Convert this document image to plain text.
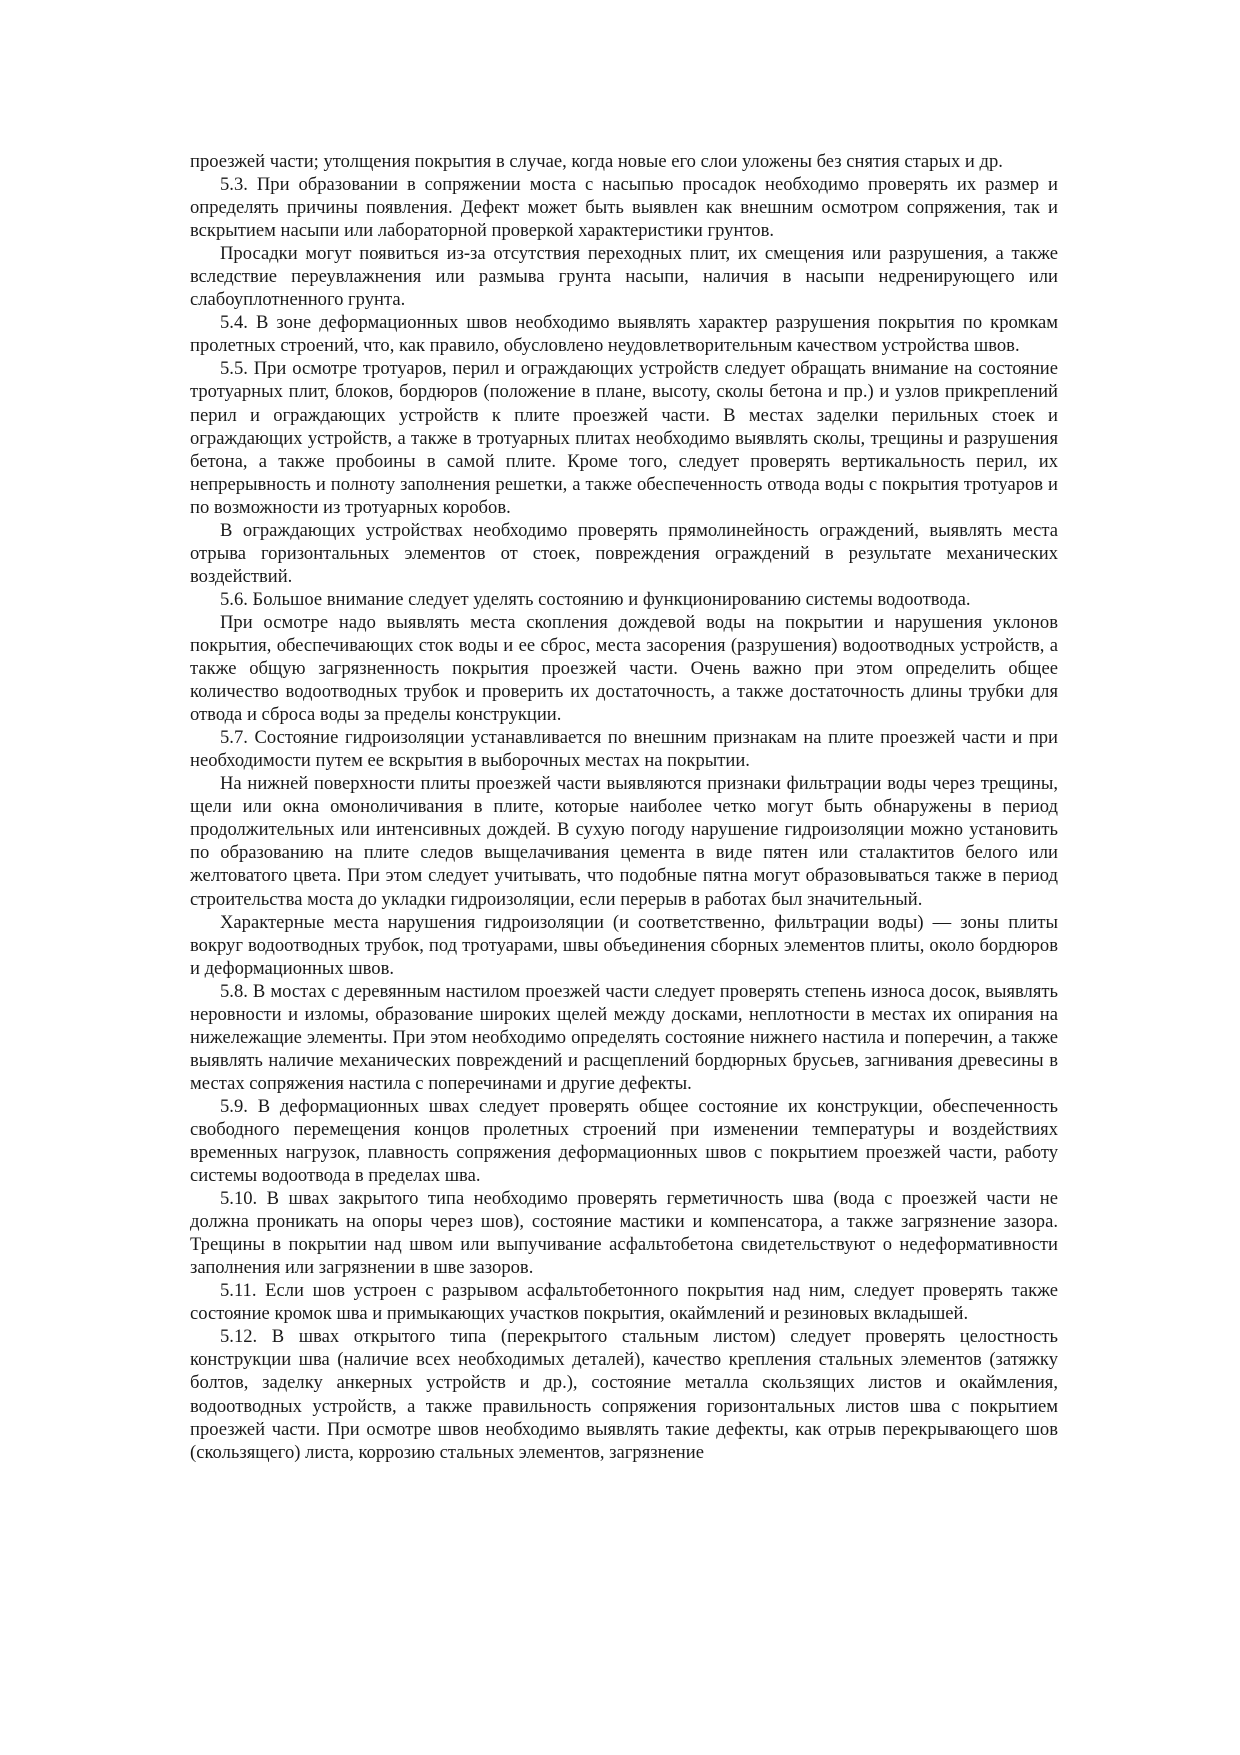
проезжей части; утолщения покрытия в случае, когда новые его слои уложены без снятия старых и др.

5.3. При образовании в сопряжении моста с насыпью просадок необходимо проверять их размер и определять причины появления. Дефект может быть выявлен как внешним осмотром сопряжения, так и вскрытием насыпи или лабораторной проверкой характеристики грунтов.

Просадки могут появиться из-за отсутствия переходных плит, их смещения или разрушения, а также вследствие переувлажнения или размыва грунта насыпи, наличия в насыпи недренирующего или слабоуплотненного грунта.

5.4. В зоне деформационных швов необходимо выявлять характер разрушения покрытия по кромкам пролетных строений, что, как правило, обусловлено неудовлетворительным качеством устройства швов.

5.5. При осмотре тротуаров, перил и ограждающих устройств следует обращать внимание на состояние тротуарных плит, блоков, бордюров (положение в плане, высоту, сколы бетона и пр.) и узлов прикреплений перил и ограждающих устройств к плите проезжей части. В местах заделки перильных стоек и ограждающих устройств, а также в тротуарных плитах необходимо выявлять сколы, трещины и разрушения бетона, а также пробоины в самой плите. Кроме того, следует проверять вертикальность перил, их непрерывность и полноту заполнения решетки, а также обеспеченность отвода воды с покрытия тротуаров и по возможности из тротуарных коробов.

В ограждающих устройствах необходимо проверять прямолинейность ограждений, выявлять места отрыва горизонтальных элементов от стоек, повреждения ограждений в результате механических воздействий.

5.6. Большое внимание следует уделять состоянию и функционированию системы водоотвода.

При осмотре надо выявлять места скопления дождевой воды на покрытии и нарушения уклонов покрытия, обеспечивающих сток воды и ее сброс, места засорения (разрушения) водоотводных устройств, а также общую загрязненность покрытия проезжей части. Очень важно при этом определить общее количество водоотводных трубок и проверить их достаточность, а также достаточность длины трубки для отвода и сброса воды за пределы конструкции.

5.7. Состояние гидроизоляции устанавливается по внешним признакам на плите проезжей части и при необходимости путем ее вскрытия в выборочных местах на покрытии.

На нижней поверхности плиты проезжей части выявляются признаки фильтрации воды через трещины, щели или окна омоноличивания в плите, которые наиболее четко могут быть обнаружены в период продолжительных или интенсивных дождей. В сухую погоду нарушение гидроизоляции можно установить по образованию на плите следов выщелачивания цемента в виде пятен или сталактитов белого или желтоватого цвета. При этом следует учитывать, что подобные пятна могут образовываться также в период строительства моста до укладки гидроизоляции, если перерыв в работах был значительный.

Характерные места нарушения гидроизоляции (и соответственно, фильтрации воды) — зоны плиты вокруг водоотводных трубок, под тротуарами, швы объединения сборных элементов плиты, около бордюров и деформационных швов.

5.8. В мостах с деревянным настилом проезжей части следует проверять степень износа досок, выявлять неровности и изломы, образование широких щелей между досками, неплотности в местах их опирания на нижележащие элементы. При этом необходимо определять состояние нижнего настила и поперечин, а также выявлять наличие механических повреждений и расщеплений бордюрных брусьев, загнивания древесины в местах сопряжения настила с поперечинами и другие дефекты.

5.9. В деформационных швах следует проверять общее состояние их конструкции, обеспеченность свободного перемещения концов пролетных строений при изменении температуры и воздействиях временных нагрузок, плавность сопряжения деформационных швов с покрытием проезжей части, работу системы водоотвода в пределах шва.

5.10. В швах закрытого типа необходимо проверять герметичность шва (вода с проезжей части не должна проникать на опоры через шов), состояние мастики и компенсатора, а также загрязнение зазора. Трещины в покрытии над швом или выпучивание асфальтобетона свидетельствуют о недеформативности заполнения или загрязнении в шве зазоров.

5.11. Если шов устроен с разрывом асфальтобетонного покрытия над ним, следует проверять также состояние кромок шва и примыкающих участков покрытия, окаймлений и резиновых вкладышей.

5.12. В швах открытого типа (перекрытого стальным листом) следует проверять целостность конструкции шва (наличие всех необходимых деталей), качество крепления стальных элементов (затяжку болтов, заделку анкерных устройств и др.), состояние металла скользящих листов и окаймления, водоотводных устройств, а также правильность сопряжения горизонтальных листов шва с покрытием проезжей части. При осмотре швов необходимо выявлять такие дефекты, как отрыв перекрывающего шов (скользящего) листа, коррозию стальных элементов, загрязнение
